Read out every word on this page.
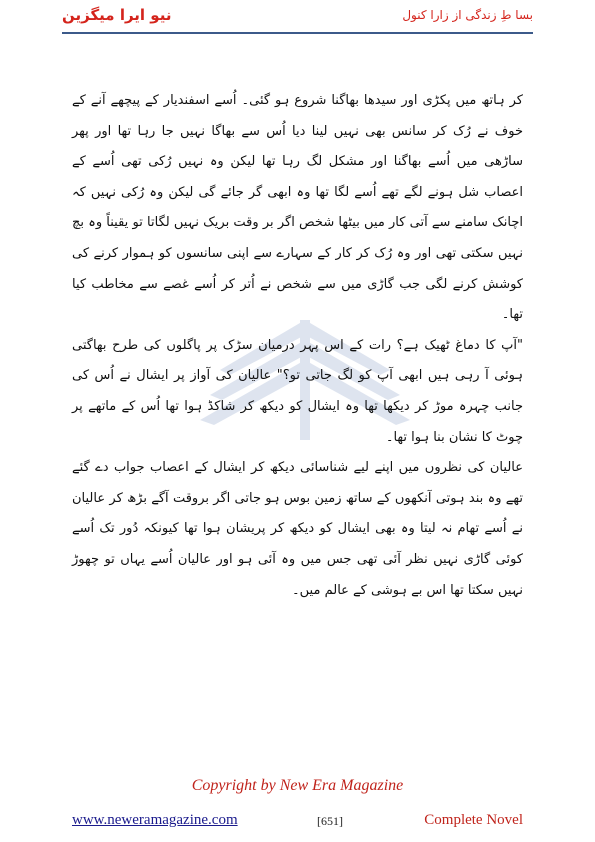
نیو ایرا میگزین	بسا طِ زندگی از زارا کنول

کر ہاتھ میں پکڑی اور سیدھا بھاگنا شروع ہو گئی۔ اُسے اسفندیار کے پیچھے آنے کے خوف نے رُک کر سانس بھی نہیں لینا دیا اُس سے بھاگا نہیں جا رہا تھا اور پھر ساڑھی میں اُسے بھاگنا اور مشکل لگ رہا تھا لیکن وہ نہیں رُکی تھی اُسے کے اعصاب شل ہونے لگے تھے اُسے لگا تھا وہ ابھی گر جائے گی لیکن وہ رُکی نہیں کہ اچانک سامنے سے آتی کار میں بیٹھا شخص اگر بر وقت بریک نہیں لگاتا تو یقیناً وہ بچ نہیں سکتی تھی اور وہ رُک کر کار کے سہارے سے اپنی سانسوں کو ہموار کرنے کی کوشش کرنے لگی جب گاڑی میں سے شخص نے اُتر کر اُسے غصے سے مخاطب کیا تھا۔

"آپ کا دماغ ٹھیک ہے؟ رات کے اس پہر درمیان سڑک پر پاگلوں کی طرح بھاگتی ہوئی آ رہی ہیں ابھی آپ کو لگ جاتی تو؟" عالیان کی آواز پر ایشال نے اُس کی جانب چہرہ موڑ کر دیکھا تھا وہ ایشال کو دیکھ کر شاکڈ ہوا تھا اُس کے ماتھے پر چوٹ کا نشان بنا ہوا تھا۔

عالیان کی نظروں میں اپنے لیے شناسائی دیکھ کر ایشال کے اعصاب جواب دے گئے تھے وہ بند ہوتی آنکھوں کے ساتھ زمین بوس ہو جاتی اگر بروقت آگے بڑھ کر عالیان نے اُسے تھام نہ لیتا وہ بھی ایشال کو دیکھ کر پریشان ہوا تھا کیونکہ دُور تک اُسے کوئی گاڑی نہیں نظر آئی تھی جس میں وہ آئی ہو اور عالیان اُسے یہاں تو چھوڑ نہیں سکتا تھا اس بے ہوشی کے عالم میں۔

Copyright by New Era Magazine
www.neweramagazine.com	[651]	Complete Novel
